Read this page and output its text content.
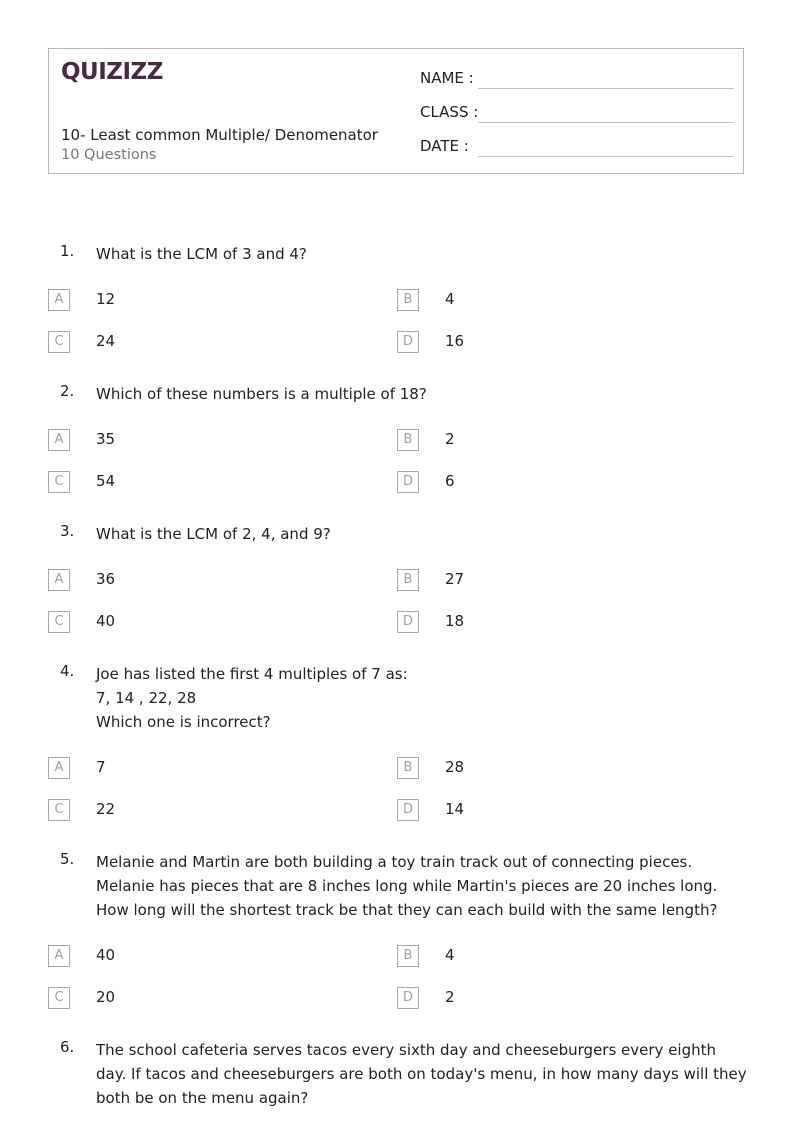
QUIZIZZ
10- Least common Multiple/ Denomenator
10 Questions
NAME :
CLASS :
DATE :
1. What is the LCM of 3 and 4?
A	12	B	4
C	24	D	16
2. Which of these numbers is a multiple of 18?
A	35	B	2
C	54	D	6
3. What is the LCM of 2, 4, and 9?
A	36	B	27
C	40	D	18
4. Joe has listed the first 4 multiples of 7 as:
7, 14 , 22, 28
Which one is incorrect?
A	7	B	28
C	22	D	14
5. Melanie and Martin are both building a toy train track out of connecting pieces. Melanie has pieces that are 8 inches long while Martin's pieces are 20 inches long. How long will the shortest track be that they can each build with the same length?
A	40	B	4
C	20	D	2
6. The school cafeteria serves tacos every sixth day and cheeseburgers every eighth day. If tacos and cheeseburgers are both on today's menu, in how many days will they both be on the menu again?
